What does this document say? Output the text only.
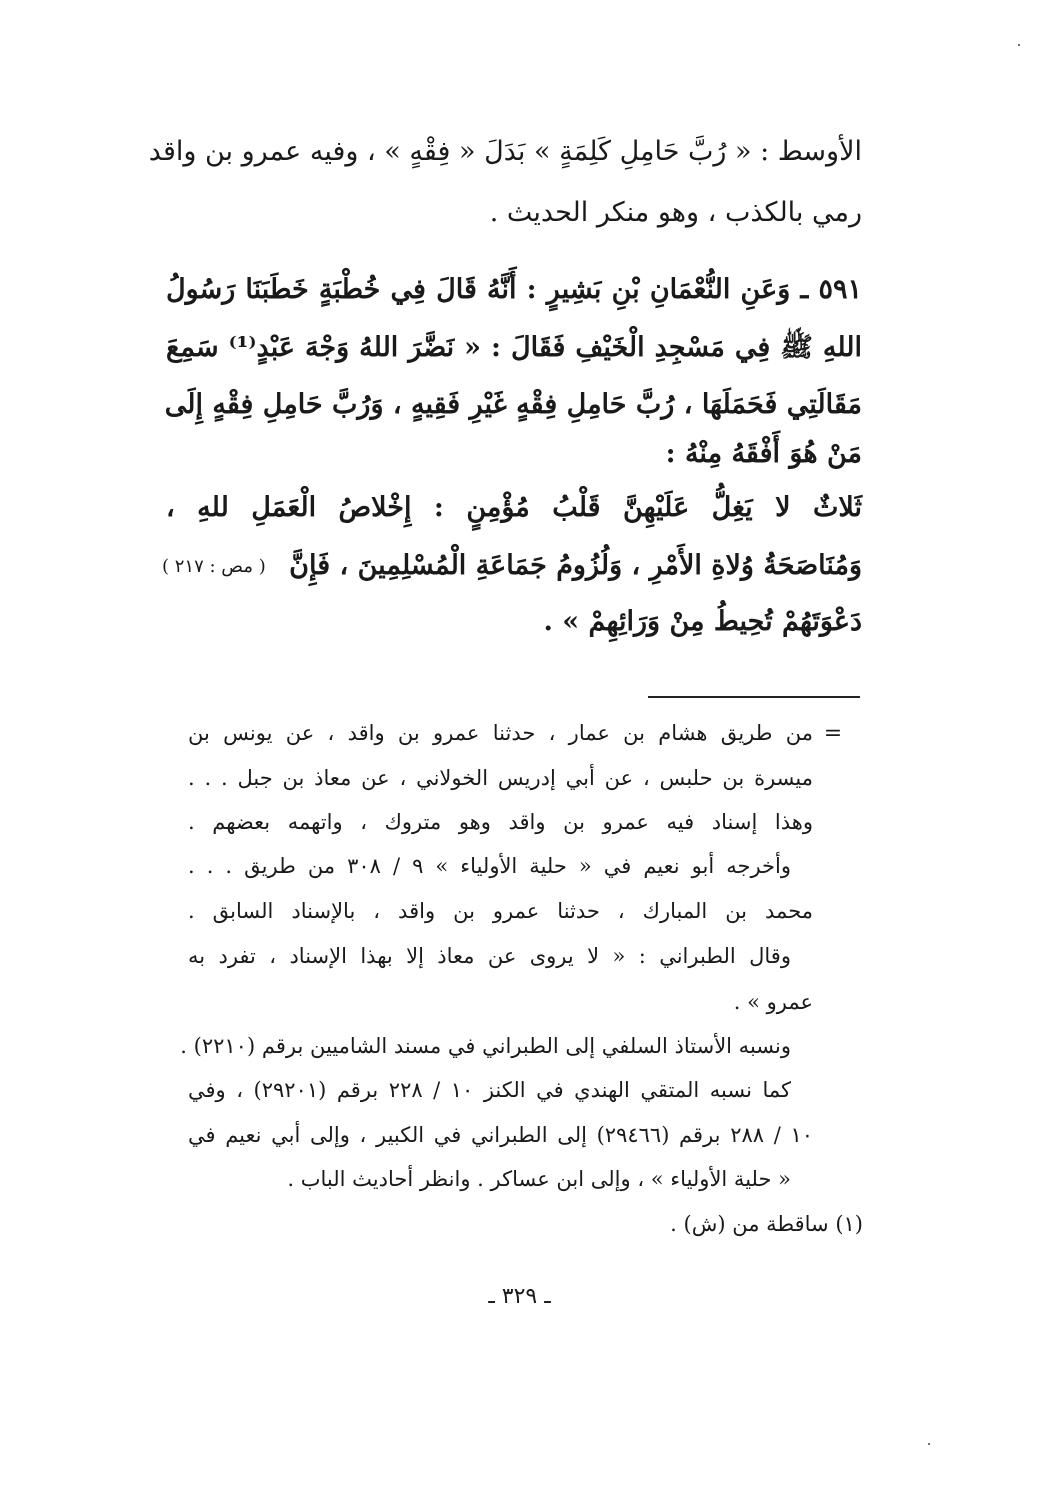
الأوسط : « رُبَّ حَامِلِ كَلِمَةٍ » بَدَلَ « فِقْهٍ » ، وفيه عمرو بن واقد
رمي بالكذب ، وهو منكر الحديث .
٥٩١ ـ وَعَنِ النُّعْمَانِ بْنِ بَشِيرٍ : أَنَّهُ قَالَ فِي خُطْبَةٍ خَطَبَنَا رَسُولُ
اللهِ ﷺ فِي مَسْجِدِ الْخَيْفِ فَقَالَ : « نَضَّرَ اللهُ وَجْهَ عَبْدٍ⁽¹⁾ سَمِعَ
مَقَالَتِي فَحَمَلَهَا ، رُبَّ حَامِلِ فِقْهٍ غَيْرِ فَقِيهٍ ، وَرُبَّ حَامِلِ فِقْهٍ إِلَى
مَنْ هُوَ أَفْقَهُ مِنْهُ :
ثَلاثٌ لا يَغِلُّ عَلَيْهِنَّ قَلْبُ مُؤْمِنٍ : إِخْلاصُ الْعَمَلِ للهِ ،
وَمُنَاصَحَةُ وُلاةِ الأَمْرِ ، وَلُزُومُ جَمَاعَةِ الْمُسْلِمِينَ ، فَإِنَّ
( مص : ٢١٧ )
دَعْوَتَهُمْ تُحِيطُ مِنْ وَرَائِهِمْ » .
=
من طريق هشام بن عمار ، حدثنا عمرو بن واقد ، عن يونس بن
ميسرة بن حلبس ، عن أبي إدريس الخولاني ، عن معاذ بن جبل . . .
وهذا إسناد فيه عمرو بن واقد وهو متروك ، واتهمه بعضهم .
وأخرجه أبو نعيم في « حلية الأولياء » ٩ / ٣٠٨ من طريق . . .
محمد بن المبارك ، حدثنا عمرو بن واقد ، بالإسناد السابق .
وقال الطبراني : « لا يروى عن معاذ إلا بهذا الإسناد ، تفرد به
عمرو » .
ونسبه الأستاذ السلفي إلى الطبراني في مسند الشاميين برقم (٢٢١٠) .
كما نسبه المتقي الهندي في الكنز ١٠ / ٢٢٨ برقم (٢٩٢٠١) ، وفي
١٠ / ٢٨٨ برقم (٢٩٤٦٦) إلى الطبراني في الكبير ، وإلى أبي نعيم في
« حلية الأولياء » ، وإلى ابن عساكر . وانظر أحاديث الباب .
(١) ساقطة من (ش) .
ـ ٣٢٩ ـ
